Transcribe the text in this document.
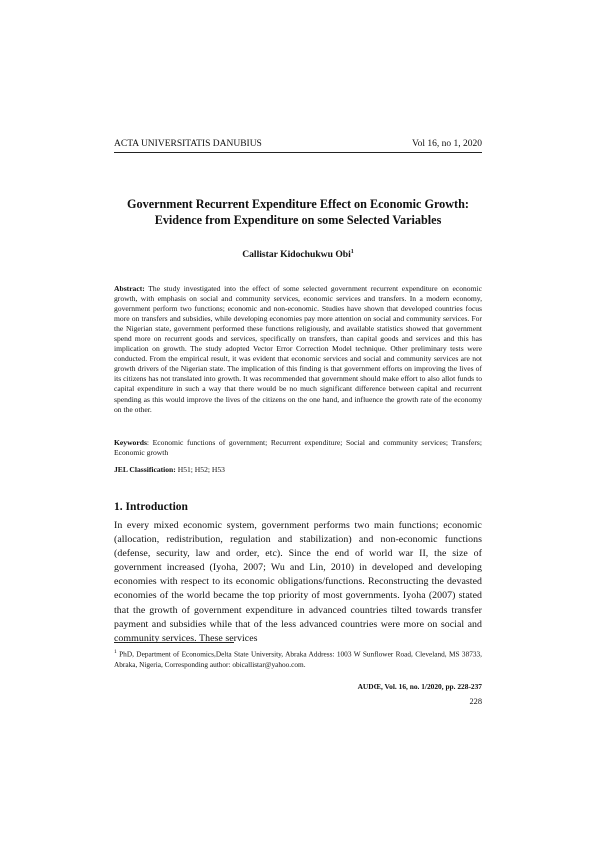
ACTA UNIVERSITATIS DANUBIUS	Vol 16, no 1, 2020
Government Recurrent Expenditure Effect on Economic Growth:
Evidence from Expenditure on some Selected Variables
Callistar Kidochukwu Obi$^1$
Abstract: The study investigated into the effect of some selected government recurrent expenditure on economic growth, with emphasis on social and community services, economic services and transfers. In a modern economy, government perform two functions; economic and non-economic. Studies have shown that developed countries focus more on transfers and subsidies, while developing economies pay more attention on social and community services. For the Nigerian state, government performed these functions religiously, and available statistics showed that government spend more on recurrent goods and services, specifically on transfers, than capital goods and services and this has implication on growth. The study adopted Vector Error Correction Model technique. Other preliminary tests were conducted. From the empirical result, it was evident that economic services and social and community services are not growth drivers of the Nigerian state. The implication of this finding is that government efforts on improving the lives of its citizens has not translated into growth. It was recommended that government should make effort to also allot funds to capital expenditure in such a way that there would be no much significant difference between capital and recurrent spending as this would improve the lives of the citizens on the one hand, and influence the growth rate of the economy on the other.
Keywords: Economic functions of government; Recurrent expenditure; Social and community services; Transfers; Economic growth
JEL Classification: H51; H52; H53
1. Introduction
In every mixed economic system, government performs two main functions; economic (allocation, redistribution, regulation and stabilization) and non-economic functions (defense, security, law and order, etc). Since the end of world war II, the size of government increased (Iyoha, 2007; Wu and Lin, 2010) in developed and developing economies with respect to its economic obligations/functions. Reconstructing the devasted economies of the world became the top priority of most governments. Iyoha (2007) stated that the growth of government expenditure in advanced countries tilted towards transfer payment and subsidies while that of the less advanced countries were more on social and community services. These services
$^1$ PhD, Department of Economics,Delta State University, Abraka Address: 1003 W Sunflower Road, Cleveland, MS 38733, Abraka, Nigeria, Corresponding author: obicallistar@yahoo.com.
AUDŒ, Vol. 16, no. 1/2020, pp. 228-237
228
